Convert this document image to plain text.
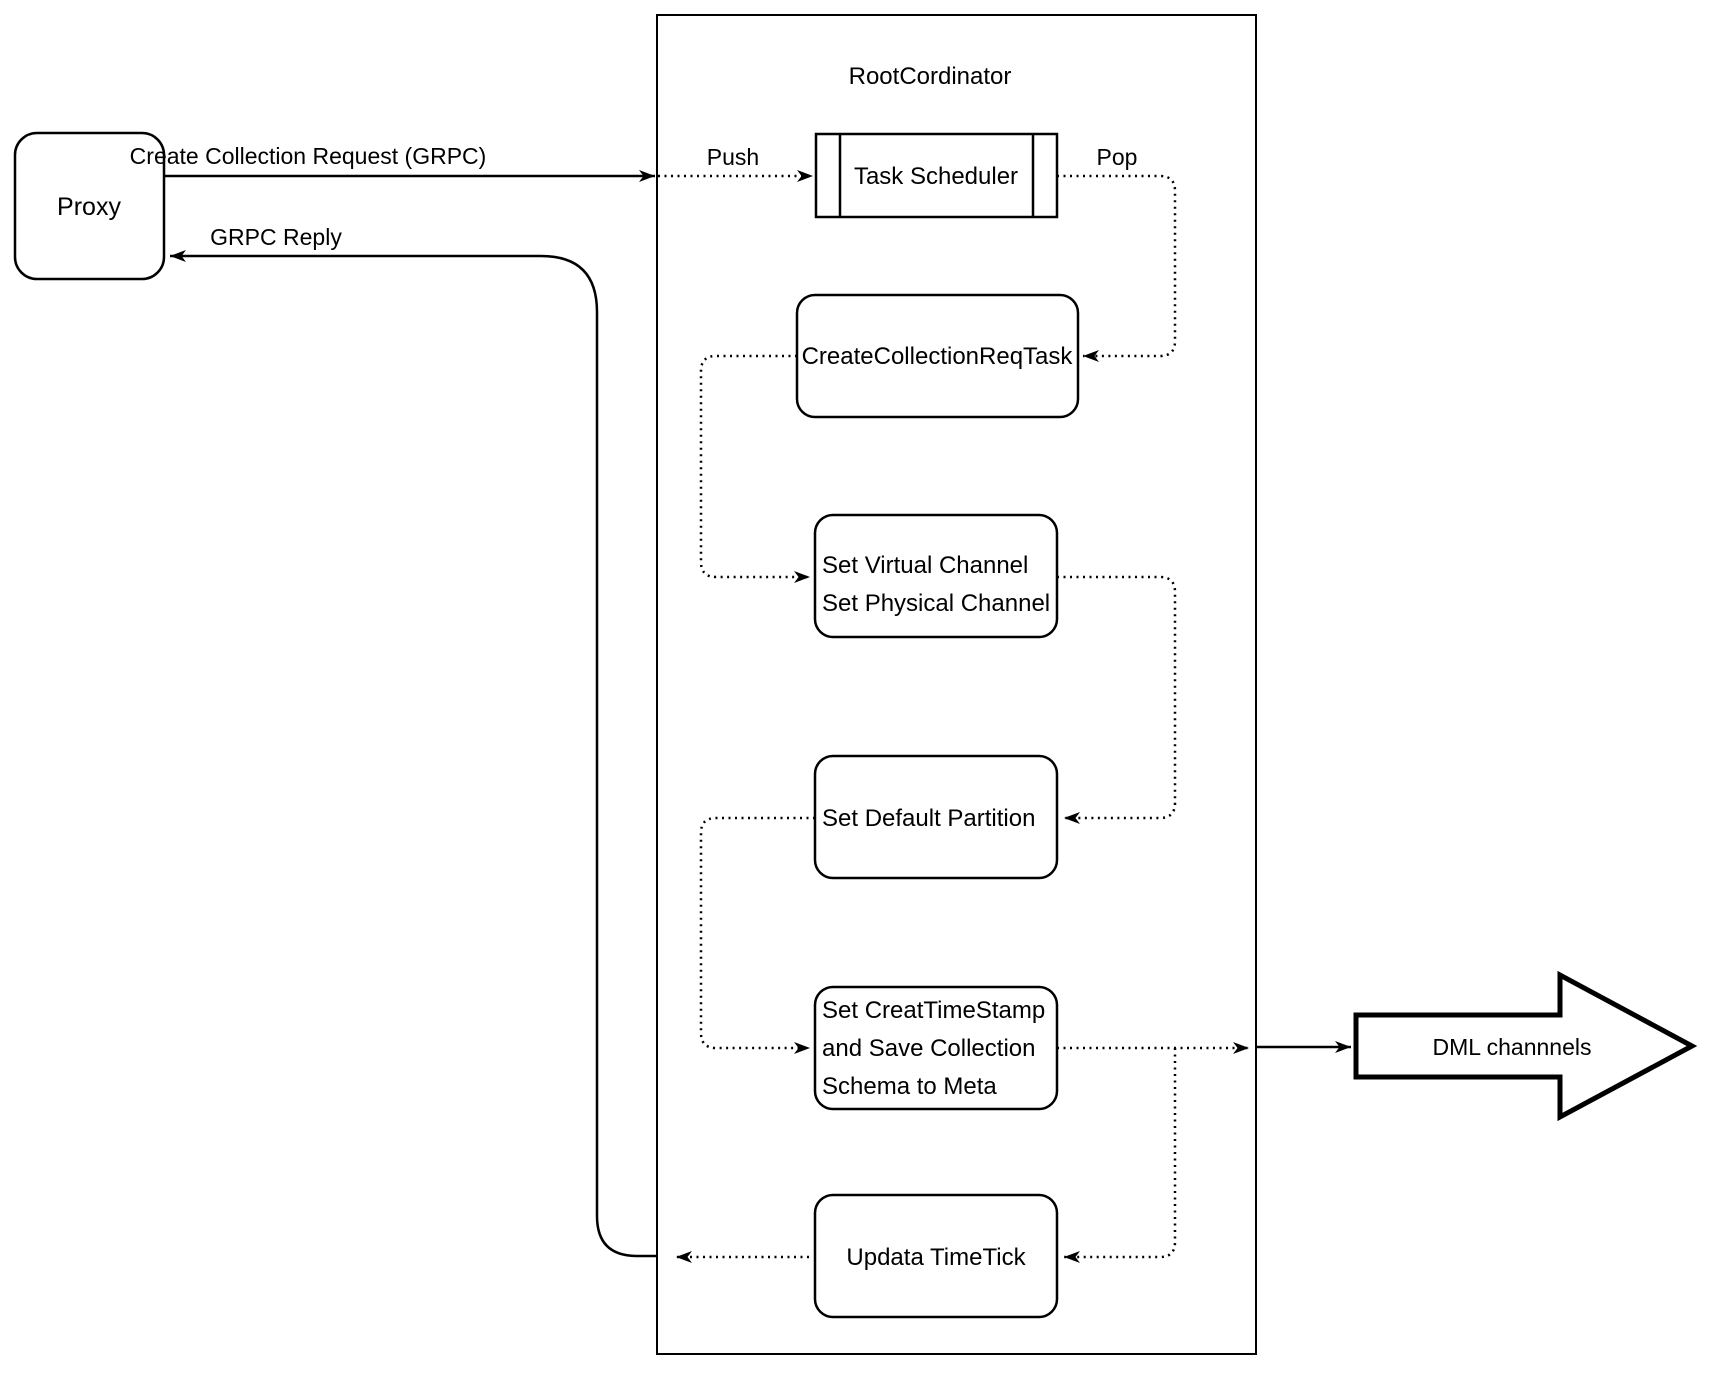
RootCordinator
Proxy
Create Collection Request (GRPC)	Push
Task Scheduler
Pop
CreateCollectionReqTask
Set Virtual Channel
Set Physical Channel
Set Default Partition
Set CreatTimeStamp
and Save Collection
Schema to Meta
Updata TimeTick
GRPC Reply
DML channnels
